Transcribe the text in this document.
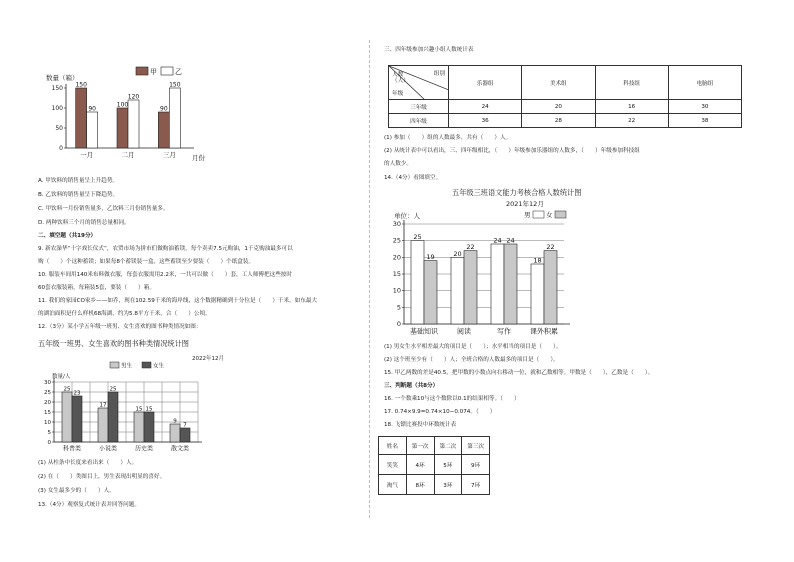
数量（箱）
甲	乙
0
50
100
150 150
90
一月
100
120
二月
90
150
三月 月份
A. 甲饮料的销售量呈上升趋势。
B. 乙饮料的销售量呈下降趋势。
C. 甲饮料一月份销售量多，乙饮料三月份销售量多。
D. 两种饮料三个月的销售总量相同。
二、填空题（共19分）
9. 新农澡华“十字戏长仪式”，农贸市场为拼市们做购油蓄镁，每个卖卖7.5元购油，1千克购油最多可以
购（　　）个这种蓄镁；如果每8个蓄镁装一盒，这些蓄镁至少要装（　　）个纸盒装。
10. 服装车间用140米布料做衣服，每套衣服需用2.2米，一共可以做（　　）套，工人师傅把这些按时
60套衣服装箱，每箱装5套，要装（　　）箱。
11. 我们的家园CO家乡——如乔，现在102.59千米的海岸线，这个数据精确到十分位是（　　）千米，如东最大
的湖泊面积是什么样机68海湖，约为5.8平方千米，合（　　）公顷。
12.（3分）某小学五年级一班男、女生喜欢的图书种类情况如图：
五年级一班男、女生喜欢的图书种类情况统计图
2022年12月
男生	女生
数量/人
0
5
10
15
20
25
30
25
23
科普类
17
25
小说类
15 15
历史类
9
7
散文类
(1) 从柱条中长度来看出来（　　）人。
(2) 在（　　）类图目上，男生表现出明显的喜好。
(3) 女生最多少的（　　）人。
13.（4分）观察复式统计表并回答问题。
三、四年级参加兴趣小组人数统计表
组别
人数（人）
年级	乐器组	美术组	科技组	电脑组
三年级	24	20	16	30
四年级	36	28	22	38
(1) 参加（　　）组的人数最多，共有（　　）人。
(2) 从统计表中可以看出，三、四年级相比，（　　）年级参加乐器组的人数多，（　　）年级参加科技组
的人数少。
14.（4分）看图填空。
五年级三班语文能力考核合格人数统计图
2021年12月
单位：人	男 女
0
5
10
15
20
25
30
25
19
基础知识
20
22
阅读
24 24
写作
18
22
课外积累
(1) 男女生水平相差最大的项目是（　　）；水平相当的项目是（　　）。
(2) 这个班至少有（　　）人；全班合格的人数最多的项目是（　　）。
15. 甲乙两数的差是40.5，把甲数的小数点向右移动一位，就和乙数相等。甲数是（　　），乙数是（　　）。
三、判断题（共8分）
16. 一个数乘10与这个数除以0.1的结果相等。（　　）
17. 0.74×9.9=0.74×10−0.074。（　　）
18. 飞镖比赛投中环数统计表
姓名	第一次	第二次	第三次
笑笑	4环	5环	9环
淘气	8环	3环	7环
